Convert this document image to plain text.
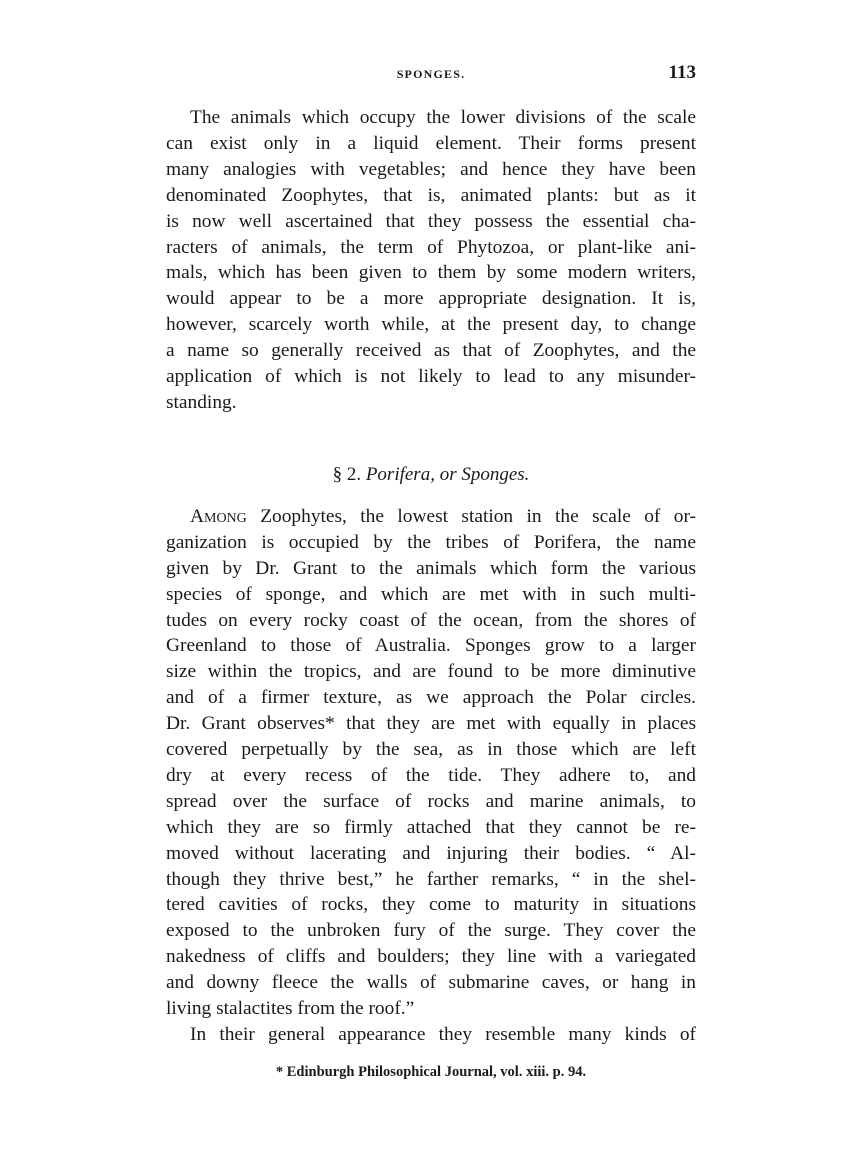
SPONGES.	113
The animals which occupy the lower divisions of the scale
can exist only in a liquid element. Their forms present
many analogies with vegetables; and hence they have been
denominated Zoophytes, that is, animated plants: but as it
is now well ascertained that they possess the essential cha-
racters of animals, the term of Phytozoa, or plant-like ani-
mals, which has been given to them by some modern writers,
would appear to be a more appropriate designation. It is,
however, scarcely worth while, at the present day, to change
a name so generally received as that of Zoophytes, and the
application of which is not likely to lead to any misunder-
standing.
§ 2. Porifera, or Sponges.
Among Zoophytes, the lowest station in the scale of or-
ganization is occupied by the tribes of Porifera, the name
given by Dr. Grant to the animals which form the various
species of sponge, and which are met with in such multi-
tudes on every rocky coast of the ocean, from the shores of
Greenland to those of Australia. Sponges grow to a larger
size within the tropics, and are found to be more diminutive
and of a firmer texture, as we approach the Polar circles.
Dr. Grant observes* that they are met with equally in places
covered perpetually by the sea, as in those which are left
dry at every recess of the tide. They adhere to, and
spread over the surface of rocks and marine animals, to
which they are so firmly attached that they cannot be re-
moved without lacerating and injuring their bodies. “ Al-
though they thrive best,” he farther remarks, “ in the shel-
tered cavities of rocks, they come to maturity in situations
exposed to the unbroken fury of the surge. They cover the
nakedness of cliffs and boulders; they line with a variegated
and downy fleece the walls of submarine caves, or hang in
living stalactites from the roof.”
In their general appearance they resemble many kinds of
* Edinburgh Philosophical Journal, vol. xiii. p. 94.
